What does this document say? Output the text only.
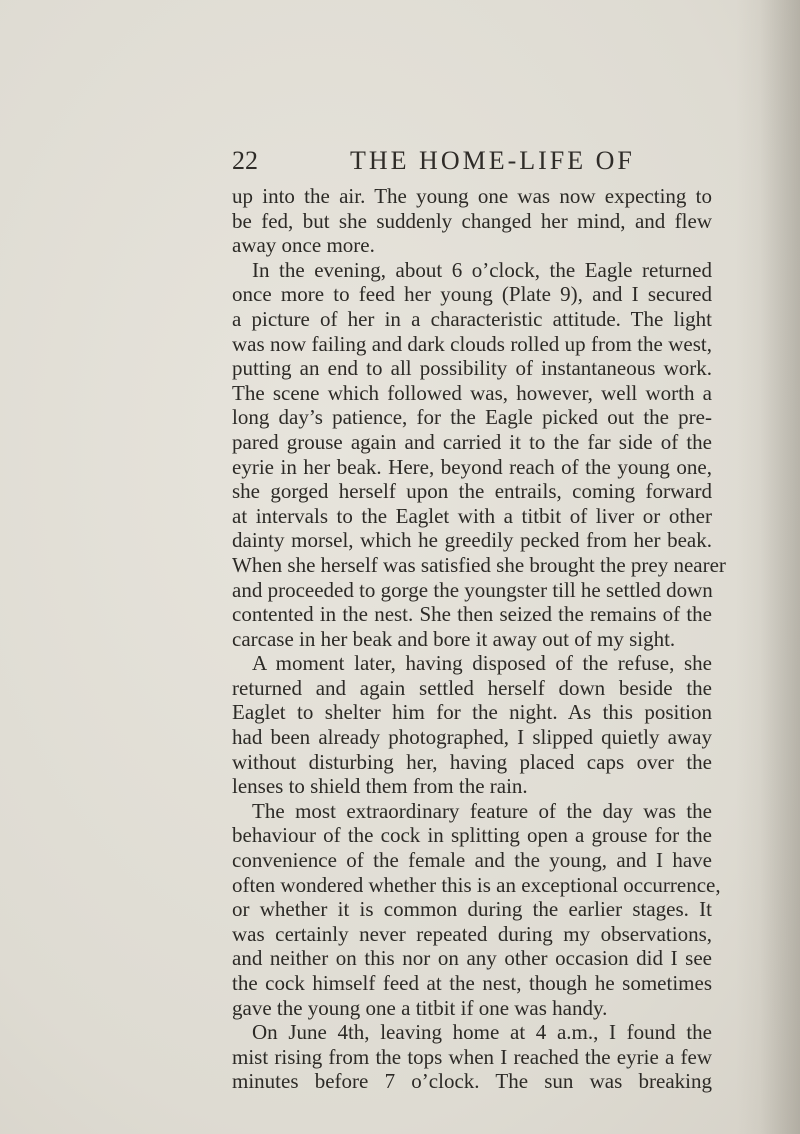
22	THE HOME-LIFE OF
up into the air. The young one was now expecting to
be fed, but she suddenly changed her mind, and flew
away once more.
In the evening, about 6 o’clock, the Eagle returned
once more to feed her young (Plate 9), and I secured
a picture of her in a characteristic attitude. The light
was now failing and dark clouds rolled up from the west,
putting an end to all possibility of instantaneous work.
The scene which followed was, however, well worth a
long day’s patience, for the Eagle picked out the pre-
pared grouse again and carried it to the far side of the
eyrie in her beak. Here, beyond reach of the young one,
she gorged herself upon the entrails, coming forward
at intervals to the Eaglet with a titbit of liver or other
dainty morsel, which he greedily pecked from her beak.
When she herself was satisfied she brought the prey nearer
and proceeded to gorge the youngster till he settled down
contented in the nest. She then seized the remains of the
carcase in her beak and bore it away out of my sight.
A moment later, having disposed of the refuse, she
returned and again settled herself down beside the
Eaglet to shelter him for the night. As this position
had been already photographed, I slipped quietly away
without disturbing her, having placed caps over the
lenses to shield them from the rain.
The most extraordinary feature of the day was the
behaviour of the cock in splitting open a grouse for the
convenience of the female and the young, and I have
often wondered whether this is an exceptional occurrence,
or whether it is common during the earlier stages. It
was certainly never repeated during my observations,
and neither on this nor on any other occasion did I see
the cock himself feed at the nest, though he sometimes
gave the young one a titbit if one was handy.
On June 4th, leaving home at 4 a.m., I found the
mist rising from the tops when I reached the eyrie a few
minutes before 7 o’clock. The sun was breaking
